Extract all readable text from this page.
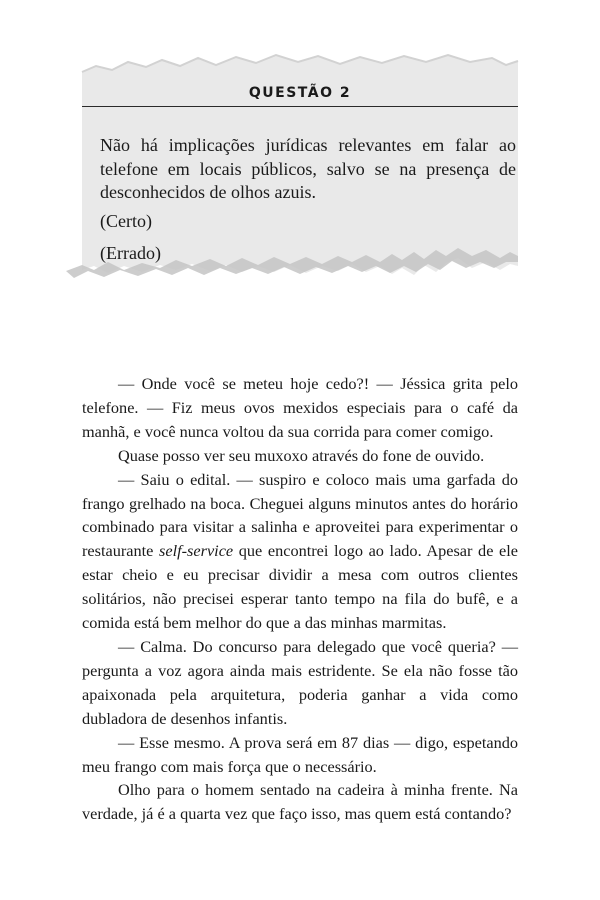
QUESTÃO 2
Não há implicações jurídicas relevantes em falar ao telefone em locais públicos, salvo se na presença de desconhecidos de olhos azuis.
(Certo)
(Errado)

— Onde você se meteu hoje cedo?! — Jéssica grita pelo telefone. — Fiz meus ovos mexidos especiais para o café da manhã, e você nunca voltou da sua corrida para comer comigo.

Quase posso ver seu muxoxo através do fone de ouvido.

— Saiu o edital. — suspiro e coloco mais uma garfada do frango grelhado na boca. Cheguei alguns minutos antes do horário combinado para visitar a salinha e aproveitei para experimentar o restaurante self-service que encontrei logo ao lado. Apesar de ele estar cheio e eu precisar dividir a mesa com outros clientes solitários, não precisei esperar tanto tempo na fila do bufê, e a comida está bem melhor do que a das minhas marmitas.

— Calma. Do concurso para delegado que você queria? — pergunta a voz agora ainda mais estridente. Se ela não fosse tão apaixonada pela arquitetura, poderia ganhar a vida como dubladora de desenhos infantis.

— Esse mesmo. A prova será em 87 dias — digo, espetando meu frango com mais força que o necessário.

Olho para o homem sentado na cadeira à minha frente. Na verdade, já é a quarta vez que faço isso, mas quem está contando?
